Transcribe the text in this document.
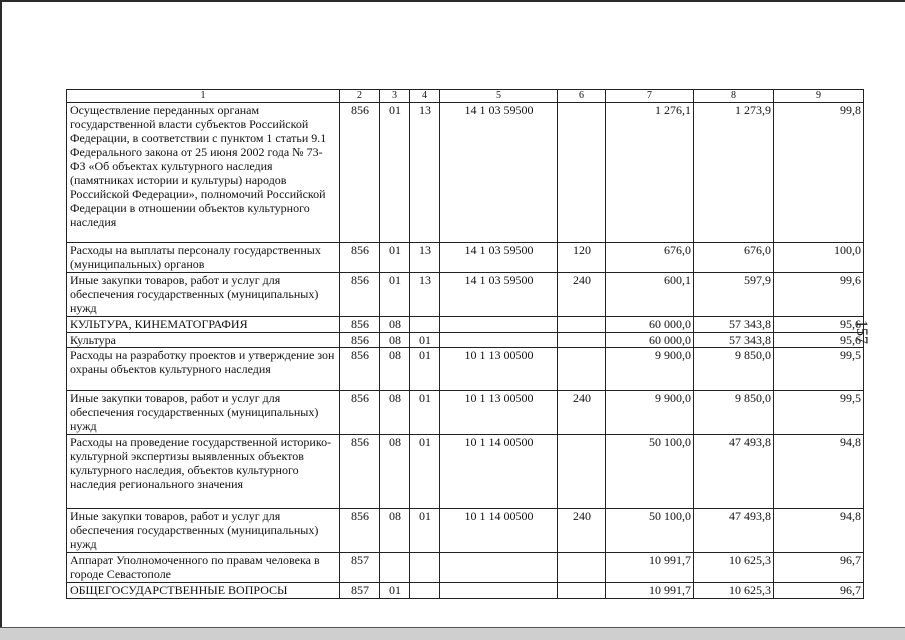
157
1	2	3	4	5	6	7	8	9
Осуществление переданных органам государственной власти субъектов Российской Федерации, в соответствии с пунктом 1 статьи 9.1 Федерального закона от 25 июня 2002 года № 73-ФЗ «Об объектах культурного наследия (памятниках истории и культуры) народов Российской Федерации», полномочий Российской Федерации в отношении объектов культурного наследия	856	01	13	14 1 03 59500		1 276,1	1 273,9	99,8
Расходы на выплаты персоналу государственных (муниципальных) органов	856	01	13	14 1 03 59500	120	676,0	676,0	100,0
Иные закупки товаров, работ и услуг для обеспечения государственных (муниципальных) нужд	856	01	13	14 1 03 59500	240	600,1	597,9	99,6
КУЛЬТУРА, КИНЕМАТОГРАФИЯ	856	08				60 000,0	57 343,8	95,6
Культура	856	08	01			60 000,0	57 343,8	95,6
Расходы на разработку проектов и утверждение зон охраны объектов культурного наследия	856	08	01	10 1 13 00500		9 900,0	9 850,0	99,5
Иные закупки товаров, работ и услуг для обеспечения государственных (муниципальных) нужд	856	08	01	10 1 13 00500	240	9 900,0	9 850,0	99,5
Расходы на проведение государственной историко-культурной экспертизы выявленных объектов культурного наследия, объектов культурного наследия регионального значения	856	08	01	10 1 14 00500		50 100,0	47 493,8	94,8
Иные закупки товаров, работ и услуг для обеспечения государственных (муниципальных) нужд	856	08	01	10 1 14 00500	240	50 100,0	47 493,8	94,8
Аппарат Уполномоченного по правам человека в городе Севастополе	857					10 991,7	10 625,3	96,7
ОБЩЕГОСУДАРСТВЕННЫЕ ВОПРОСЫ	857	01				10 991,7	10 625,3	96,7
